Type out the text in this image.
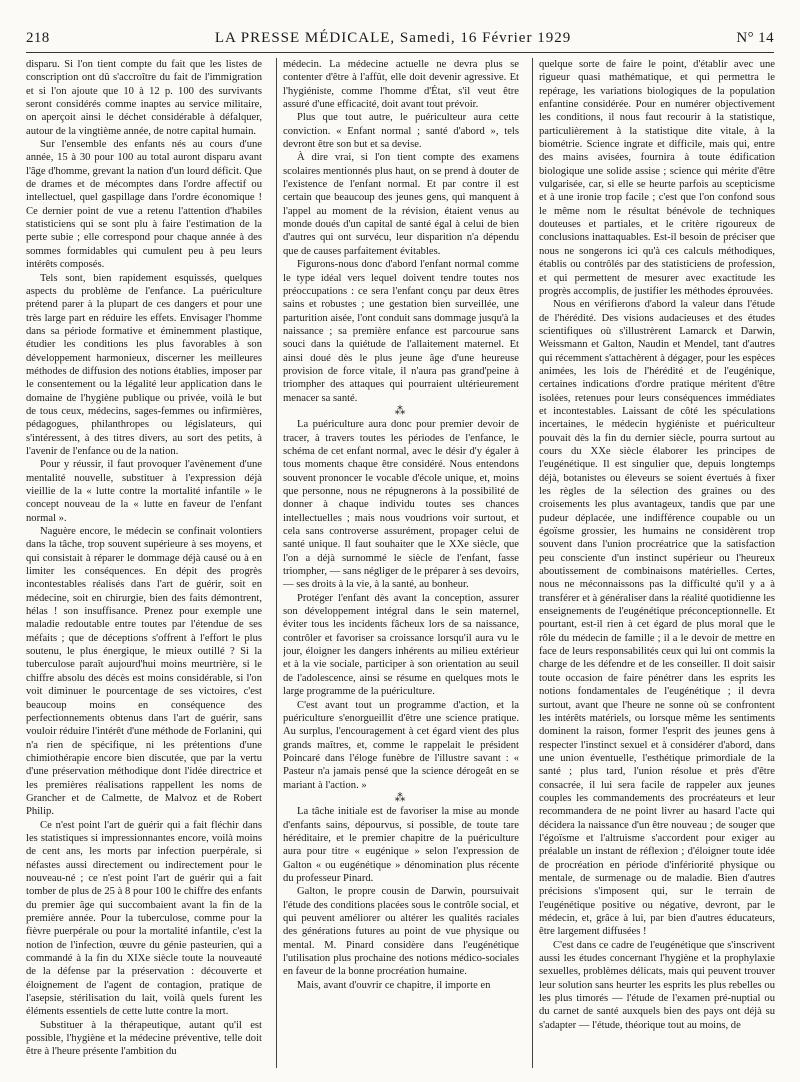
218	LA PRESSE MÉDICALE, Samedi, 16 Février 1929	N° 14

disparu. Si l'on tient compte du fait que les listes de conscription ont dû s'accroître du fait de l'immigration et si l'on ajoute que 10 à 12 p. 100 des survivants seront considérés comme inaptes au service militaire, on aperçoit ainsi le déchet considérable à défalquer, autour de la vingtième année, de notre capital humain.

Sur l'ensemble des enfants nés au cours d'une année, 15 à 30 pour 100 au total auront disparu avant l'âge d'homme, grevant la nation d'un lourd déficit. Que de drames et de mécomptes dans l'ordre affectif ou intellectuel, quel gaspillage dans l'ordre économique ! Ce dernier point de vue a retenu l'attention d'habiles statisticiens qui se sont plu à faire l'estimation de la perte subie ; elle correspond pour chaque année à des sommes formidables qui cumulent peu à peu leurs intérêts composés.

Tels sont, bien rapidement esquissés, quelques aspects du problème de l'enfance. La puériculture prétend parer à la plupart de ces dangers et pour une très large part en réduire les effets. Envisager l'homme dans sa période formative et éminemment plastique, étudier les conditions les plus favorables à son développement harmonieux, discerner les meilleures méthodes de diffusion des notions établies, imposer par le consentement ou la légalité leur application dans le domaine de l'hygiène publique ou privée, voilà le but de tous ceux, médecins, sages-femmes ou infirmières, pédagogues, philanthropes ou législateurs, qui s'intéressent, à des titres divers, au sort des petits, à l'avenir de l'enfance ou de la nation.

Pour y réussir, il faut provoquer l'avènement d'une mentalité nouvelle, substituer à l'expression déjà vieillie de la « lutte contre la mortalité infantile » le concept nouveau de la « lutte en faveur de l'enfant normal ».

Naguère encore, le médecin se confinait volontiers dans la tâche, trop souvent supérieure à ses moyens, et qui consistait à réparer le dommage déjà causé ou à en limiter les conséquences. En dépit des progrès incontestables réalisés dans l'art de guérir, soit en médecine, soit en chirurgie, bien des faits démontrent, hélas ! son insuffisance. Prenez pour exemple une maladie redoutable entre toutes par l'étendue de ses méfaits ; que de déceptions s'offrent à l'effort le plus soutenu, le plus énergique, le mieux outillé ? Si la tuberculose paraît aujourd'hui moins meurtrière, si le chiffre absolu des décès est moins considérable, si l'on voit diminuer le pourcentage de ses victoires, c'est beaucoup moins en conséquence des perfectionnements obtenus dans l'art de guérir, sans vouloir réduire l'intérêt d'une méthode de Forlanini, qui n'a rien de spécifique, ni les prétentions d'une chimiothérapie encore bien discutée, que par la vertu d'une préservation méthodique dont l'idée directrice et les premières réalisations rappellent les noms de Grancher et de Calmette, de Malvoz et de Robert Philip.

Ce n'est point l'art de guérir qui a fait fléchir dans les statistiques si impressionnantes encore, voilà moins de cent ans, les morts par infection puerpérale, si néfastes aussi directement ou indirectement pour le nouveau-né ; ce n'est point l'art de guérir qui a fait tomber de plus de 25 à 8 pour 100 le chiffre des enfants du premier âge qui succombaient avant la fin de la première année. Pour la tuberculose, comme pour la fièvre puerpérale ou pour la mortalité infantile, c'est la notion de l'infection, œuvre du génie pasteurien, qui a commandé à la fin du XIXe siècle toute la nouveauté de la défense par la préservation : découverte et éloignement de l'agent de contagion, pratique de l'asepsie, stérilisation du lait, voilà quels furent les éléments essentiels de cette lutte contre la mort.

Substituer à la thérapeutique, autant qu'il est possible, l'hygiène et la médecine préventive, telle doit être à l'heure présente l'ambition du

médecin. La médecine actuelle ne devra plus se contenter d'être à l'affût, elle doit devenir agressive. Et l'hygiéniste, comme l'homme d'État, s'il veut être assuré d'une efficacité, doit avant tout prévoir.

Plus que tout autre, le puériculteur aura cette conviction. « Enfant normal ; santé d'abord », tels devront être son but et sa devise.

À dire vrai, si l'on tient compte des examens scolaires mentionnés plus haut, on se prend à douter de l'existence de l'enfant normal. Et par contre il est certain que beaucoup des jeunes gens, qui manquent à l'appel au moment de la révision, étaient venus au monde doués d'un capital de santé égal à celui de bien d'autres qui ont survécu, leur disparition n'a dépendu que de causes parfaitement évitables.

Figurons-nous donc d'abord l'enfant normal comme le type idéal vers lequel doivent tendre toutes nos préoccupations : ce sera l'enfant conçu par deux êtres sains et robustes ; une gestation bien surveillée, une parturition aisée, l'ont conduit sans dommage jusqu'à la naissance ; sa première enfance est parcourue sans souci dans la quiétude de l'allaitement maternel. Et ainsi doué dès le plus jeune âge d'une heureuse provision de force vitale, il n'aura pas grand'peine à triompher des attaques qui pourraient ultérieurement menacer sa santé.

⁂

La puériculture aura donc pour premier devoir de tracer, à travers toutes les périodes de l'enfance, le schéma de cet enfant normal, avec le désir d'y égaler à tous moments chaque être considéré. Nous entendons souvent prononcer le vocable d'école unique, et, moins que personne, nous ne répugnerons à la possibilité de donner à chaque individu toutes ses chances intellectuelles ; mais nous voudrions voir surtout, et cela sans controverse assurément, propager celui de santé unique. Il faut souhaiter que le XXe siècle, que l'on a déjà surnommé le siècle de l'enfant, fasse triompher, — sans négliger de le préparer à ses devoirs, — ses droits à la vie, à la santé, au bonheur.

Protéger l'enfant dès avant la conception, assurer son développement intégral dans le sein maternel, éviter tous les incidents fâcheux lors de sa naissance, contrôler et favoriser sa croissance lorsqu'il aura vu le jour, éloigner les dangers inhérents au milieu extérieur et à la vie sociale, participer à son orientation au seuil de l'adolescence, ainsi se résume en quelques mots le large programme de la puériculture.

C'est avant tout un programme d'action, et la puériculture s'enorgueillit d'être une science pratique. Au surplus, l'encouragement à cet égard vient des plus grands maîtres, et, comme le rappelait le président Poincaré dans l'éloge funèbre de l'illustre savant : « Pasteur n'a jamais pensé que la science dérogeât en se mariant à l'action. »

⁂

La tâche initiale est de favoriser la mise au monde d'enfants sains, dépourvus, si possible, de toute tare héréditaire, et le premier chapitre de la puériculture aura pour titre « eugénique » selon l'expression de Galton « ou eugénétique » dénomination plus récente du professeur Pinard.

Galton, le propre cousin de Darwin, poursuivait l'étude des conditions placées sous le contrôle social, et qui peuvent améliorer ou altérer les qualités raciales des générations futures au point de vue physique ou mental. M. Pinard considère dans l'eugénétique l'utilisation plus prochaine des notions médico-sociales en faveur de la bonne procréation humaine.

Mais, avant d'ouvrir ce chapitre, il importe en

quelque sorte de faire le point, d'établir avec une rigueur quasi mathématique, et qui permettra le repérage, les variations biologiques de la population enfantine considérée. Pour en numérer objectivement les conditions, il nous faut recourir à la statistique, particulièrement à la statistique dite vitale, à la biométrie. Science ingrate et difficile, mais qui, entre des mains avisées, fournira à toute édification biologique une solide assise ; science qui mérite d'être vulgarisée, car, si elle se heurte parfois au scepticisme et à une ironie trop facile ; c'est que l'on confond sous le même nom le résultat bénévole de techniques douteuses et partiales, et le critère rigoureux de conclusions inattaquables. Est-il besoin de préciser que nous ne songerons ici qu'à ces calculs méthodiques, établis ou contrôlés par des statisticiens de profession, et qui permettent de mesurer avec exactitude les progrès accomplis, de justifier les méthodes éprouvées.

Nous en vérifierons d'abord la valeur dans l'étude de l'hérédité. Des visions audacieuses et des études scientifiques où s'illustrèrent Lamarck et Darwin, Weissmann et Galton, Naudin et Mendel, tant d'autres qui récemment s'attachèrent à dégager, pour les espèces animées, les lois de l'hérédité et de l'eugénique, certaines indications d'ordre pratique méritent d'être isolées, retenues pour leurs conséquences immédiates et incontestables. Laissant de côté les spéculations incertaines, le médecin hygiéniste et puériculteur pouvait dès la fin du dernier siècle, pourra surtout au cours du XXe siècle élaborer les principes de l'eugénétique. Il est singulier que, depuis longtemps déjà, botanistes ou éleveurs se soient évertués à fixer les règles de la sélection des graines ou des croisements les plus avantageux, tandis que par une pudeur déplacée, une indifférence coupable ou un égoïsme grossier, les humains ne considèrent trop souvent dans l'union procréatrice que la satisfaction peu consciente d'un instinct supérieur ou l'heureux aboutissement de combinaisons matérielles. Certes, nous ne méconnaissons pas la difficulté qu'il y a à transférer et à généraliser dans la réalité quotidienne les enseignements de l'eugénétique préconceptionnelle. Et pourtant, est-il rien à cet égard de plus moral que le rôle du médecin de famille ; il a le devoir de mettre en face de leurs responsabilités ceux qui lui ont commis la charge de les défendre et de les conseiller. Il doit saisir toute occasion de faire pénétrer dans les esprits les notions fondamentales de l'eugénétique ; il devra surtout, avant que l'heure ne sonne où se confrontent les intérêts matériels, ou lorsque même les sentiments dominent la raison, former l'esprit des jeunes gens à respecter l'instinct sexuel et à considérer d'abord, dans une union éventuelle, l'esthétique primordiale de la santé ; plus tard, l'union résolue et près d'être consacrée, il lui sera facile de rappeler aux jeunes couples les commandements des procréateurs et leur recommandera de ne point livrer au hasard l'acte qui décidera la naissance d'un être nouveau ; de souger que l'égoïsme et l'altruisme s'accordent pour exiger au préalable un instant de réflexion ; d'éloigner toute idée de procréation en période d'infériorité physique ou mentale, de surmenage ou de maladie. Bien d'autres précisions s'imposent qui, sur le terrain de l'eugénétique positive ou négative, devront, par le médecin, et, grâce à lui, par bien d'autres éducateurs, être largement diffusées !

C'est dans ce cadre de l'eugénétique que s'inscrivent aussi les études concernant l'hygiène et la prophylaxie sexuelles, problèmes délicats, mais qui peuvent trouver leur solution sans heurter les esprits les plus rebelles ou les plus timorés — l'étude de l'examen pré-nuptial ou du carnet de santé auxquels bien des pays ont déjà su s'adapter — l'étude, théorique tout au moins, de
